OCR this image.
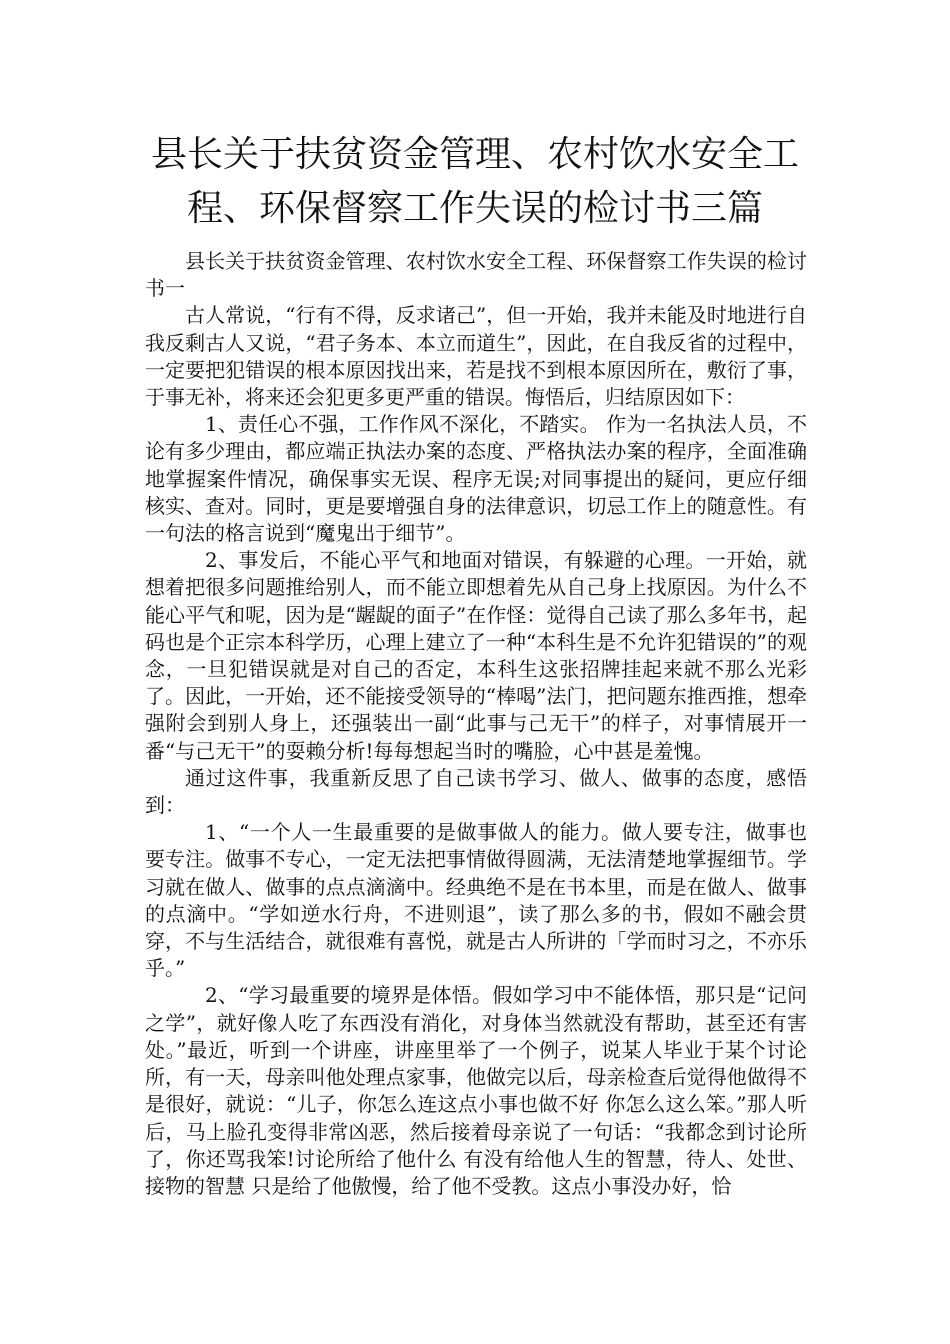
县长关于扶贫资金管理、农村饮水安全工程、环保督察工作失误的检讨书三篇

县长关于扶贫资金管理、农村饮水安全工程、环保督察工作失误的检讨书一

古人常说，“行有不得，反求诸己”，但一开始，我并未能及时地进行自我反剩古人又说，“君子务本、本立而道生”，因此，在自我反省的过程中，一定要把犯错误的根本原因找出来，若是找不到根本原因所在，敷衍了事，于事无补，将来还会犯更多更严重的错误。悔悟后，归结原因如下：

1、责任心不强，工作作风不深化，不踏实。 作为一名执法人员，不论有多少理由，都应端正执法办案的态度、严格执法办案的程序，全面准确地掌握案件情况，确保事实无误、程序无误;对同事提出的疑问，更应仔细核实、查对。同时，更是要增强自身的法律意识，切忌工作上的随意性。有一句法的格言说到“魔鬼出于细节”。

2、事发后，不能心平气和地面对错误，有躲避的心理。一开始，就想着把很多问题推给别人，而不能立即想着先从自己身上找原因。为什么不能心平气和呢，因为是“龌龊的面子”在作怪：觉得自己读了那么多年书，起码也是个正宗本科学历，心理上建立了一种“本科生是不允许犯错误的”的观念，一旦犯错误就是对自己的否定，本科生这张招牌挂起来就不那么光彩了。因此，一开始，还不能接受领导的“棒喝”法门，把问题东推西推，想牵强附会到别人身上，还强装出一副“此事与己无干”的样子，对事情展开一番“与己无干”的耍赖分析!每每想起当时的嘴脸，心中甚是羞愧。

通过这件事，我重新反思了自己读书学习、做人、做事的态度，感悟到：

1、“一个人一生最重要的是做事做人的能力。做人要专注，做事也要专注。做事不专心，一定无法把事情做得圆满，无法清楚地掌握细节。学习就在做人、做事的点点滴滴中。经典绝不是在书本里，而是在做人、做事的点滴中。“学如逆水行舟，不进则退”，读了那么多的书，假如不融会贯穿，不与生活结合，就很难有喜悦，就是古人所讲的「学而时习之，不亦乐乎。”

2、“学习最重要的境界是体悟。假如学习中不能体悟，那只是“记问之学”，就好像人吃了东西没有消化，对身体当然就没有帮助，甚至还有害处。”最近，听到一个讲座，讲座里举了一个例子，说某人毕业于某个讨论所，有一天，母亲叫他处理点家事，他做完以后，母亲检查后觉得他做得不是很好，就说：“儿子，你怎么连这点小事也做不好 你怎么这么笨。”那人听后，马上脸孔变得非常凶恶，然后接着母亲说了一句话：“我都念到讨论所了，你还骂我笨!讨论所给了他什么 有没有给他人生的智慧，待人、处世、接物的智慧 只是给了他傲慢，给了他不受教。这点小事没办好，恰
